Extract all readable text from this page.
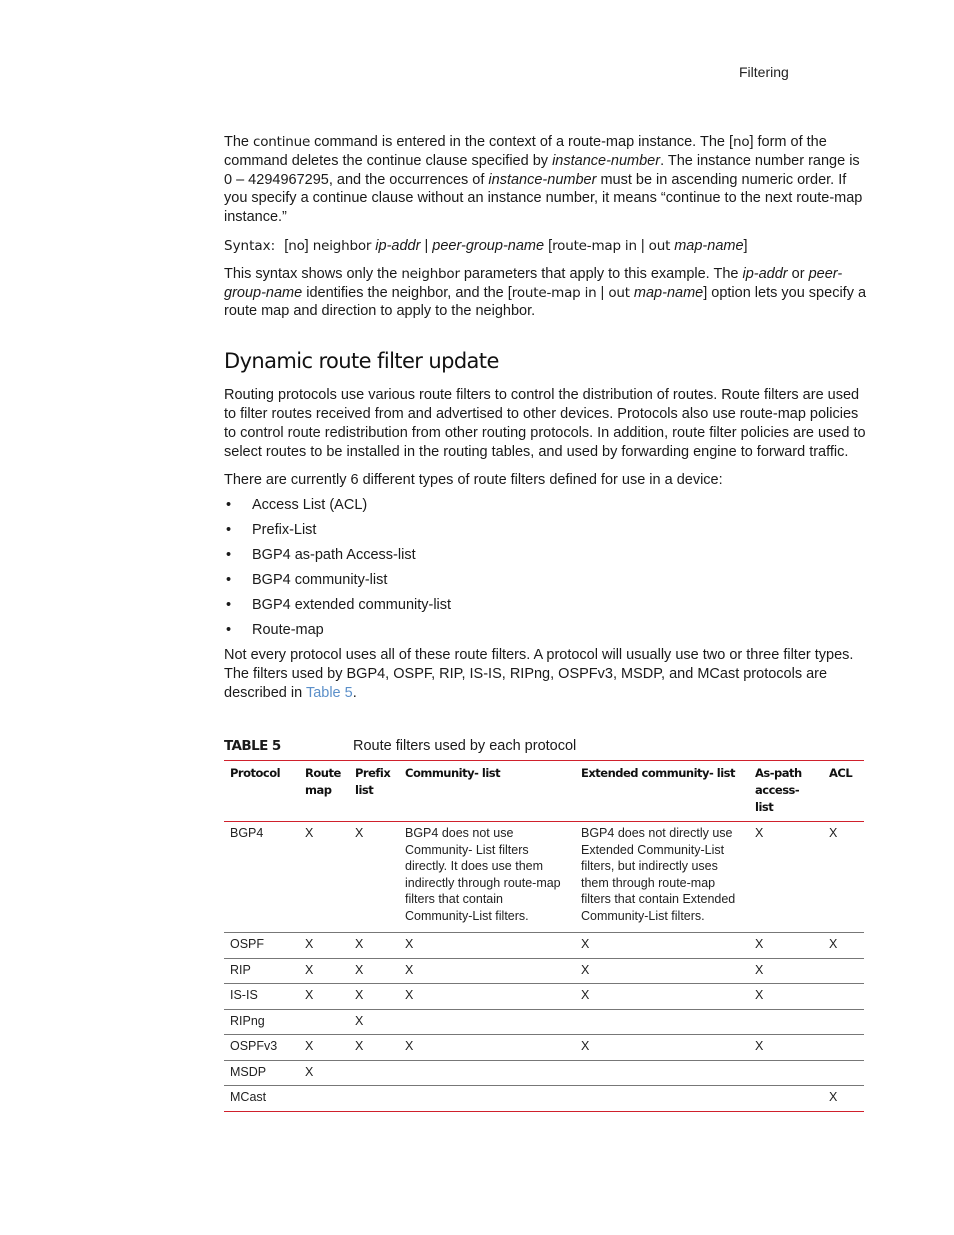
Filtering

The continue command is entered in the context of a route-map instance. The [no] form of the command deletes the continue clause specified by instance-number. The instance number range is 0 – 4294967295, and the occurrences of instance-number must be in ascending numeric order. If you specify a continue clause without an instance number, it means “continue to the next route-map instance.”

Syntax: [no] neighbor ip-addr | peer-group-name [route-map in | out map-name]

This syntax shows only the neighbor parameters that apply to this example. The ip-addr or peer-group-name identifies the neighbor, and the [route-map in | out map-name] option lets you specify a route map and direction to apply to the neighbor.

Dynamic route filter update

Routing protocols use various route filters to control the distribution of routes. Route filters are used to filter routes received from and advertised to other devices. Protocols also use route-map policies to control route redistribution from other routing protocols. In addition, route filter policies are used to select routes to be installed in the routing tables, and used by forwarding engine to forward traffic.

There are currently 6 different types of route filters defined for use in a device:

• Access List (ACL)
• Prefix-List
• BGP4 as-path Access-list
• BGP4 community-list
• BGP4 extended community-list
• Route-map

Not every protocol uses all of these route filters. A protocol will usually use two or three filter types. The filters used by BGP4, OSPF, RIP, IS-IS, RIPng, OSPFv3, MSDP, and MCast protocols are described in Table 5.

TABLE 5	Route filters used by each protocol
Protocol	Route map	Prefix list	Community- list	Extended community- list	As-path access- list	ACL
BGP4	X	X	BGP4 does not use Community- List filters directly. It does use them indirectly through route-map filters that contain Community-List filters.	BGP4 does not directly use Extended Community-List filters, but indirectly uses them through route-map filters that contain Extended Community-List filters.	X	X
OSPF	X	X	X	X	X	X
RIP	X	X	X	X	X	
IS-IS	X	X	X	X	X	
RIPng		X				
OSPFv3	X	X	X	X	X	
MSDP	X					
MCast						X
